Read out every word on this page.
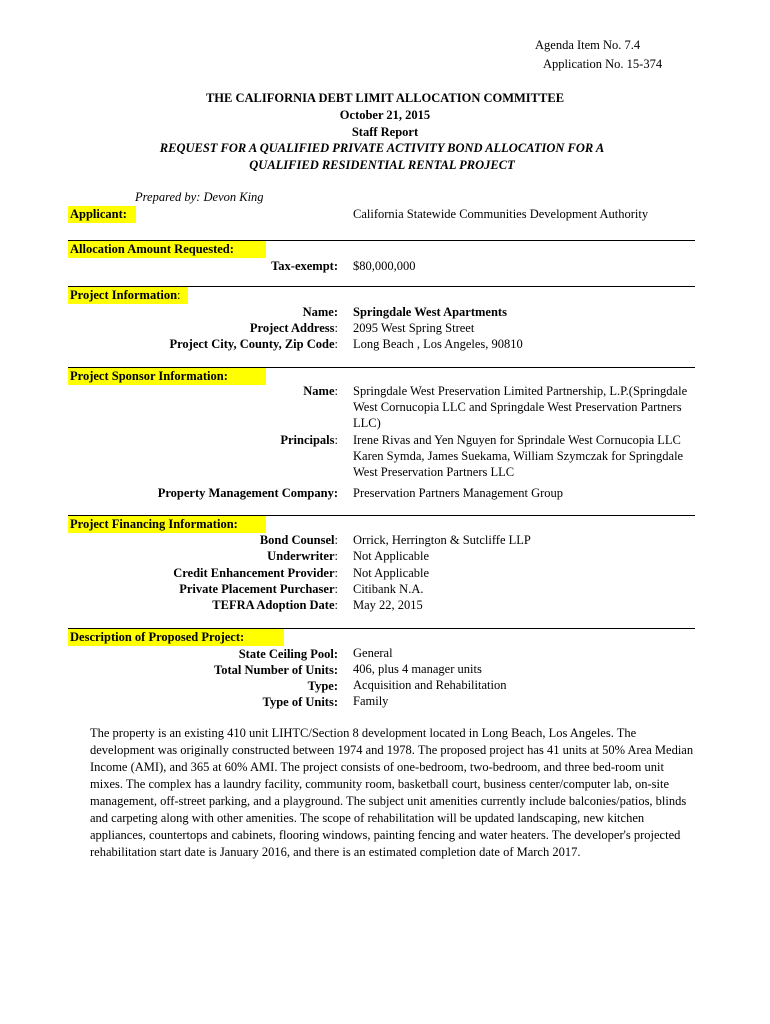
Agenda Item No. 7.4
Application No. 15-374
THE CALIFORNIA DEBT LIMIT ALLOCATION COMMITTEE
October 21, 2015
Staff Report
REQUEST FOR A QUALIFIED PRIVATE ACTIVITY BOND ALLOCATION FOR A
QUALIFIED RESIDENTIAL RENTAL PROJECT
Prepared by: Devon King
Applicant:	California Statewide Communities Development Authority
Allocation Amount Requested:
Tax-exempt: $80,000,000
Project Information:
Name: Springdale West Apartments
Project Address: 2095 West Spring Street
Project City, County, Zip Code: Long Beach , Los Angeles, 90810
Project Sponsor Information:
Name: Springdale West Preservation Limited Partnership, L.P.(Springdale West Cornucopia LLC and Springdale West Preservation Partners LLC)
Principals: Irene Rivas and Yen Nguyen for Sprindale West Cornucopia LLC Karen Symda, James Suekama, William Szymczak for Springdale West Preservation Partners LLC
Property Management Company: Preservation Partners Management Group
Project Financing Information:
Bond Counsel: Orrick, Herrington & Sutcliffe LLP
Underwriter: Not Applicable
Credit Enhancement Provider: Not Applicable
Private Placement Purchaser: Citibank N.A.
TEFRA Adoption Date: May 22, 2015
Description of Proposed Project:
State Ceiling Pool: General
Total Number of Units: 406, plus 4 manager units
Type: Acquisition and Rehabilitation
Type of Units: Family
The property is an existing 410 unit LIHTC/Section 8 development located in Long Beach, Los Angeles. The development was originally constructed between 1974 and 1978. The proposed project has 41 units at 50% Area Median Income (AMI), and 365 at 60% AMI. The project consists of one-bedroom, two-bedroom, and three bed-room unit mixes. The complex has a laundry facility, community room, basketball court, business center/computer lab, on-site management, off-street parking, and a playground. The subject unit amenities currently include balconies/patios, blinds and carpeting along with other amenities. The scope of rehabilitation will be updated landscaping, new kitchen appliances, countertops and cabinets, flooring windows, painting fencing and water heaters. The developer's projected rehabilitation start date is January 2016, and there is an estimated completion date of March 2017.
